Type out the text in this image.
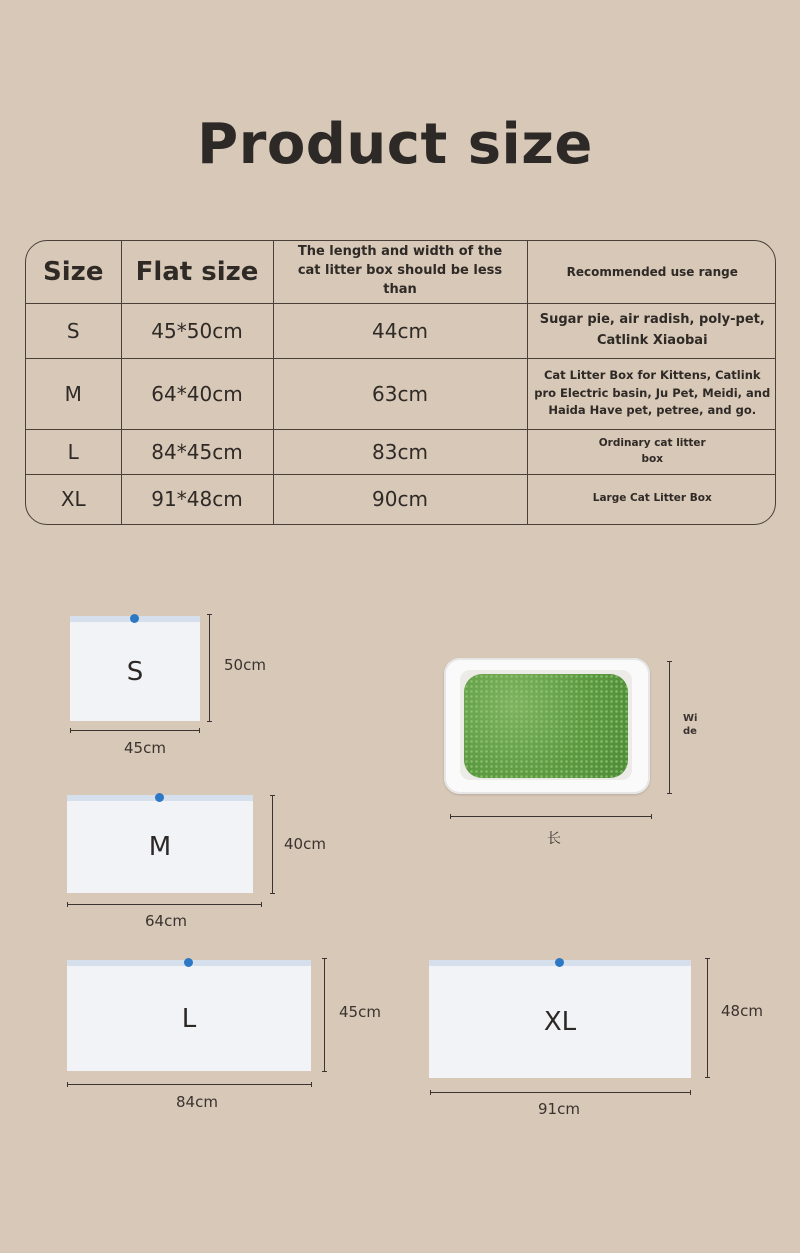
Product size
Size	Flat size	The length and width of the cat litter box should be less than	Recommended use range
S	45*50cm	44cm	Sugar pie, air radish, poly-pet, Catlink Xiaobai
M	64*40cm	63cm	Cat Litter Box for Kittens, Catlink pro Electric basin, Ju Pet, Meidi, and Haida Have pet, petree, and go.
L	84*45cm	83cm	Ordinary cat litter box
XL	91*48cm	90cm	Large Cat Litter Box
S	50cm
45cm
M	40cm
64cm
L	45cm
84cm
XL	48cm
91cm
Wi de
长
